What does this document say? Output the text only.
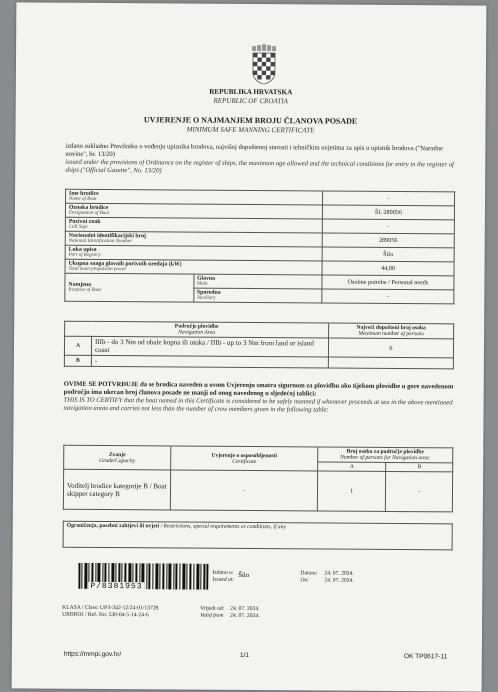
REPUBLIKA HRVATSKA
REPUBLIC OF CROATIA
UVJERENJE O NAJMANJEM BROJU ČLANOVA POSADE
MINIMUM SAFE MANNING CERTIFICATE
izdano sukladno Pravilniku o vođenju upisnika brodova, najvišoj dopuštenoj starosti i tehničkim uvjetima za upis u upisnik brodova ("Narodne novine", br. 13/20)
issued under the provisions of Ordinance on the register of ships, the maximum age allowed and the technical conditions for entry in the register of ships ("Official Gazette", No. 13/20)
Ime brodice
Name of Boat		-

Oznaka brodice
Designation of Boat		ŠL 289056

Pozivni znak
Call Sign		-

Nacionalni identifikacijski broj
National Identification Number		289056

Luka upisa
Port of Registry		Šilo

Ukupna snaga glavnih porivnih uređaja (kW)
Total main propulsion power		44,00

Namjena
Purpose of Boat	Glavna
Main	Osobne potrebe / Personal needs

	Sporedna
Auxiliary	-
Područje plovidbe
Navigation Area		Najveći dopušteni broj osoba
Maximum number of persons
A	IIIb - do 3 Nm od obale kopna ili otoka / IIIb - up to 3 Nm from land or island coast	6
B	-	
OVIME SE POTVRĐUJE da se brodica naveden u ovom Uvjerenju smatra sigurnom za plovidbu ako tijekom plovidbe u gore navedenom području ima ukrcan broj članova posade ne manji od onog navedenog u sljedećoj tablici:
THIS IS TO CERTIFY that the boat named in this Certificate is considered to be safely manned if whenever proceeds at sea in the above mentioned navigation areas and carries not less than the number of crew members given in the following table:
Zvanje
Grade/Capacity	Uvjerenje o osposobljenosti
Certificate	Broj osoba za područje plovidbe
Number of persons for Navigation area:	
		A	B
Voditelj brodice kategorije B / Boat skipper category B	-	1	-
Ograničenja, posebni zahtjevi ili uvjeti / Restrictions, special requirements or conditions, if any
P/8381953
Izdano u:
Issued at:
Šilo	Datum:
On:
24. 07. 2024.
24. 07. 2024.
KLASA / Class: UP/I-342-12/24-01/13728
URBROJ / Ref. No: 530-04-5-14-24-6
Vrijedi od:
Valid from
24. 07. 2024.
24. 07. 2024.
https://mmpi.gov.hr/	1/1	OK TP0617-11
